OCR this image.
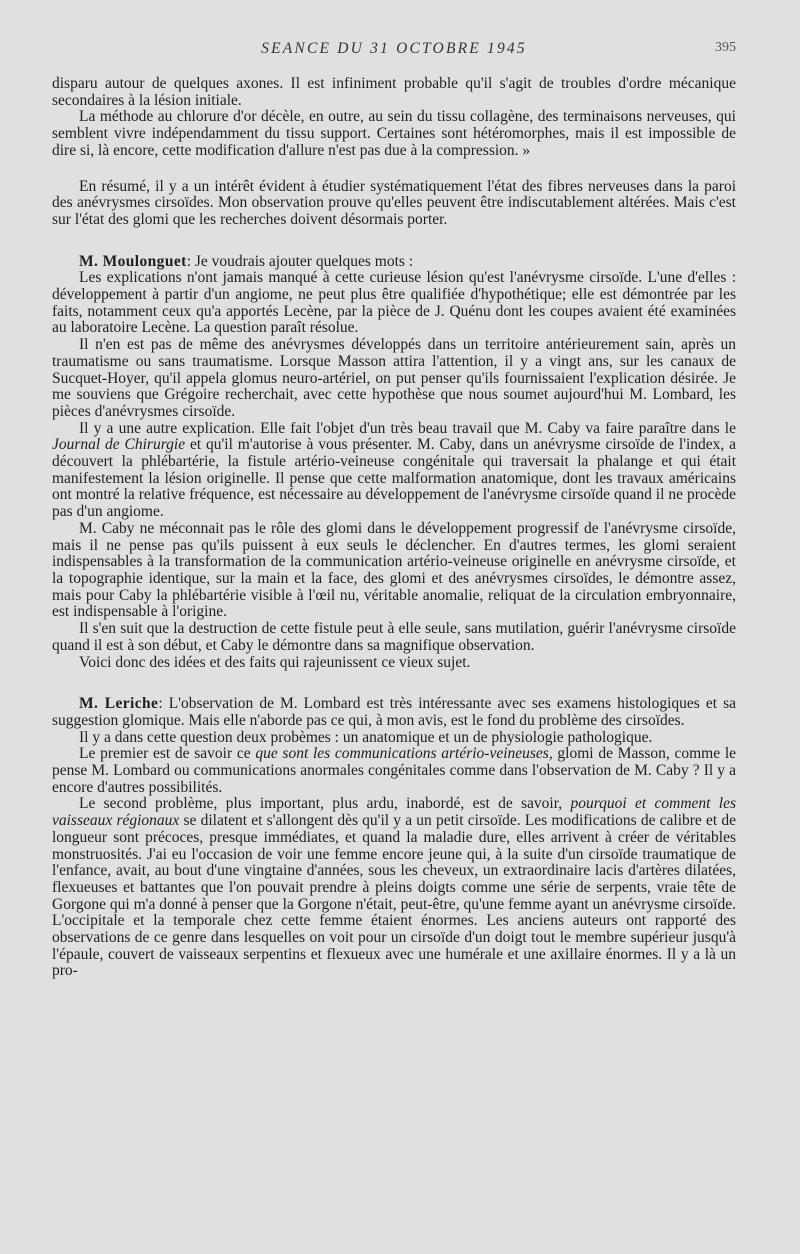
SEANCE DU 31 OCTOBRE 1945	395

disparu autour de quelques axones. Il est infiniment probable qu'il s'agit de troubles d'ordre mécanique secondaires à la lésion initiale.

La méthode au chlorure d'or décèle, en outre, au sein du tissu collagène, des terminaisons nerveuses, qui semblent vivre indépendamment du tissu support. Certaines sont hétéromorphes, mais il est impossible de dire si, là encore, cette modification d'allure n'est pas due à la compression. »

En résumé, il y a un intérêt évident à étudier systématiquement l'état des fibres nerveuses dans la paroi des anévrysmes cirsoïdes. Mon observation prouve qu'elles peuvent être indiscutablement altérées. Mais c'est sur l'état des glomi que les recherches doivent désormais porter.

M. Moulonguet: Je voudrais ajouter quelques mots :

Les explications n'ont jamais manqué à cette curieuse lésion qu'est l'anévrysme cirsoïde. L'une d'elles : développement à partir d'un angiome, ne peut plus être qualifiée d'hypothétique; elle est démontrée par les faits, notamment ceux qu'a apportés Lecène, par la pièce de J. Quénu dont les coupes avaient été examinées au laboratoire Lecène. La question paraît résolue.

Il n'en est pas de même des anévrysmes développés dans un territoire antérieurement sain, après un traumatisme ou sans traumatisme. Lorsque Masson attira l'attention, il y a vingt ans, sur les canaux de Sucquet-Hoyer, qu'il appela glomus neuro-artériel, on put penser qu'ils fournissaient l'explication désirée. Je me souviens que Grégoire recherchait, avec cette hypothèse que nous soumet aujourd'hui M. Lombard, les pièces d'anévrysmes cirsoïde.

Il y a une autre explication. Elle fait l'objet d'un très beau travail que M. Caby va faire paraître dans le Journal de Chirurgie et qu'il m'autorise à vous présenter. M. Caby, dans un anévrysme cirsoïde de l'index, a découvert la phlébartérie, la fistule artério-veineuse congénitale qui traversait la phalange et qui était manifestement la lésion originelle. Il pense que cette malformation anatomique, dont les travaux américains ont montré la relative fréquence, est nécessaire au développement de l'anévrysme cirsoïde quand il ne procède pas d'un angiome.

M. Caby ne méconnait pas le rôle des glomi dans le développement progressif de l'anévrysme cirsoïde, mais il ne pense pas qu'ils puissent à eux seuls le déclencher. En d'autres termes, les glomi seraient indispensables à la transformation de la communication artério-veineuse originelle en anévrysme cirsoïde, et la topographie identique, sur la main et la face, des glomi et des anévrysmes cirsoïdes, le démontre assez, mais pour Caby la phlébartérie visible à l'œil nu, véritable anomalie, reliquat de la circulation embryonnaire, est indispensable à l'origine.

Il s'en suit que la destruction de cette fistule peut à elle seule, sans mutilation, guérir l'anévrysme cirsoïde quand il est à son début, et Caby le démontre dans sa magnifique observation.

Voici donc des idées et des faits qui rajeunissent ce vieux sujet.

M. Leriche: L'observation de M. Lombard est très intéressante avec ses examens histologiques et sa suggestion glomique. Mais elle n'aborde pas ce qui, à mon avis, est le fond du problème des cirsoïdes.

Il y a dans cette question deux probèmes : un anatomique et un de physiologie pathologique.

Le premier est de savoir ce que sont les communications artério-veineuses, glomi de Masson, comme le pense M. Lombard ou communications anormales congénitales comme dans l'observation de M. Caby ? Il y a encore d'autres possibilités.

Le second problème, plus important, plus ardu, inabordé, est de savoir, pourquoi et comment les vaisseaux régionaux se dilatent et s'allongent dès qu'il y a un petit cirsoïde. Les modifications de calibre et de longueur sont précoces, presque immédiates, et quand la maladie dure, elles arrivent à créer de véritables monstruosités. J'ai eu l'occasion de voir une femme encore jeune qui, à la suite d'un cirsoïde traumatique de l'enfance, avait, au bout d'une vingtaine d'années, sous les cheveux, un extraordinaire lacis d'artères dilatées, flexueuses et battantes que l'on pouvait prendre à pleins doigts comme une série de serpents, vraie tête de Gorgone qui m'a donné à penser que la Gorgone n'était, peut-être, qu'une femme ayant un anévrysme cirsoïde. L'occipitale et la temporale chez cette femme étaient énormes. Les anciens auteurs ont rapporté des observations de ce genre dans lesquelles on voit pour un cirsoïde d'un doigt tout le membre supérieur jusqu'à l'épaule, couvert de vaisseaux serpentins et flexueux avec une humérale et une axillaire énormes. Il y a là un pro-
